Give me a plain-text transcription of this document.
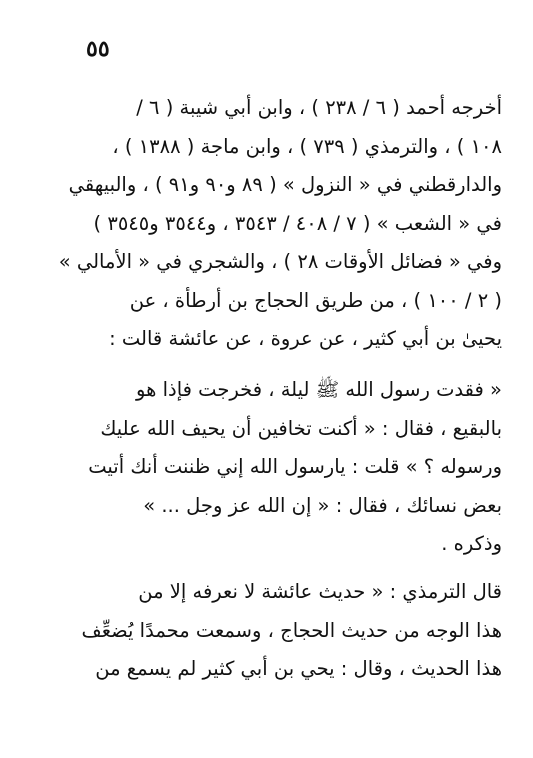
٥٥
أخرجه أحمد ( ٦ / ٢٣٨ ) ، وابن أبي شيبة ( ٦ /
١٠٨ ) ، والترمذي ( ٧٣٩ ) ، وابن ماجة ( ١٣٨٨ ) ،
والدارقطني في « النزول » ( ٨٩ و٩٠ و٩١ ) ، والبيهقي
في « الشعب » ( ٧ / ٤٠٨ / ٣٥٤٣ ، و٣٥٤٤ و٣٥٤٥ )
وفي « فضائل الأوقات ٢٨ ) ، والشجري في « الأمالي »
( ٢ / ١٠٠ ) ، من طريق الحجاج بن أرطأة ، عن
يحيىٰ بن أبي كثير ، عن عروة ، عن عائشة قالت :
« فقدت رسول الله ﷺ ليلة ، فخرجت فإذا هو
بالبقيع ، فقال : « أكنت تخافين أن يحيف الله عليك
ورسوله ؟ » قلت : يارسول الله إني ظننت أنك أتيت
بعض نسائك ، فقال : « إن الله عز وجل ... »
وذكره .
قال الترمذي : « حديث عائشة لا نعرفه إلا من
هذا الوجه من حديث الحجاج ، وسمعت محمدًا يُضعِّف
هذا الحديث ، وقال : يحي بن أبي كثير لم يسمع من
